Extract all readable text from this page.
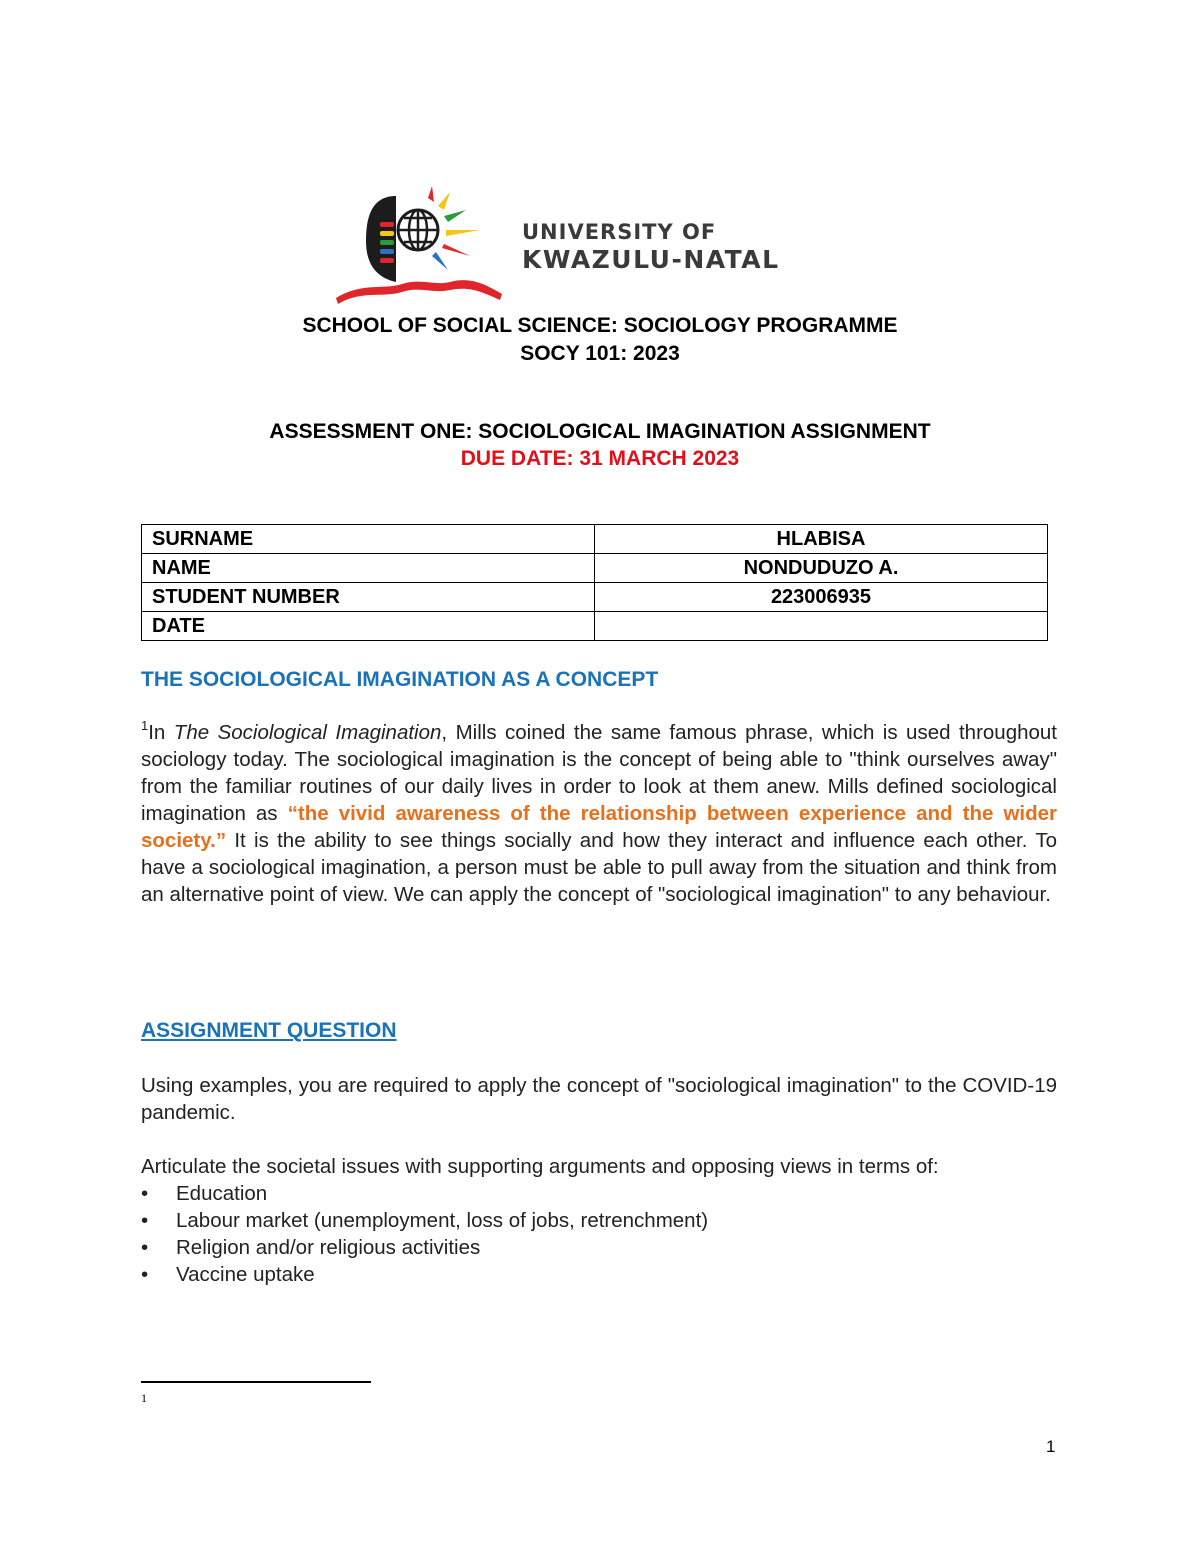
UNIVERSITY OF
KWAZULU-NATAL
SCHOOL OF SOCIAL SCIENCE: SOCIOLOGY PROGRAMME
SOCY 101: 2023
ASSESSMENT ONE: SOCIOLOGICAL IMAGINATION ASSIGNMENT
DUE DATE: 31 MARCH 2023
SURNAME	HLABISA
NAME	NONDUDUZO A.
STUDENT NUMBER	223006935
DATE	
THE SOCIOLOGICAL IMAGINATION AS A CONCEPT
$^1$In The Sociological Imagination, Mills coined the same famous phrase, which is used throughout sociology today. The sociological imagination is the concept of being able to "think ourselves away" from the familiar routines of our daily lives in order to look at them anew. Mills defined sociological imagination as “the vivid awareness of the relationship between experience and the wider society.” It is the ability to see things socially and how they interact and influence each other. To have a sociological imagination, a person must be able to pull away from the situation and think from an alternative point of view. We can apply the concept of "sociological imagination" to any behaviour.
ASSIGNMENT QUESTION
Using examples, you are required to apply the concept of "sociological imagination" to the COVID-19 pandemic.
Articulate the societal issues with supporting arguments and opposing views in terms of:
• Education
• Labour market (unemployment, loss of jobs, retrenchment)
• Religion and/or religious activities
• Vaccine uptake
1
1
